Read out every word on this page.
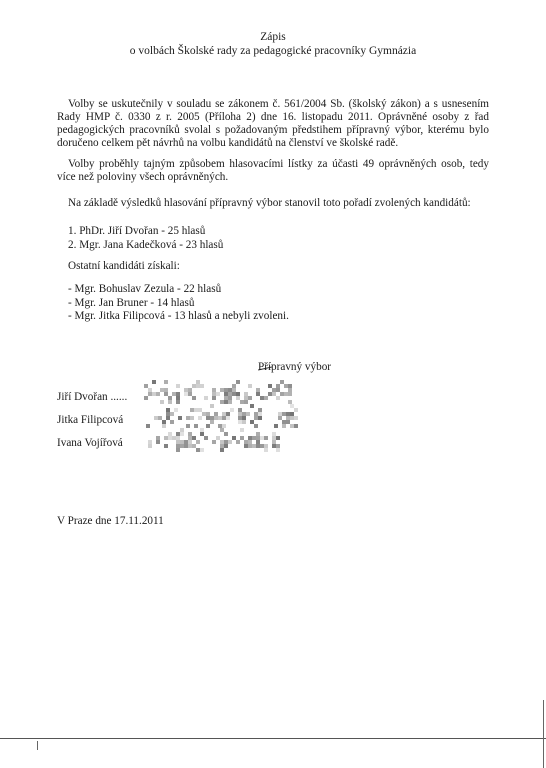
Zápis
o volbách Školské rady za pedagogické pracovníky Gymnázia
Volby se uskutečnily v souladu se zákonem č. 561/2004 Sb. (školský zákon) a s usnesením Rady HMP č. 0330 z r. 2005 (Příloha 2) dne 16. listopadu 2011. Oprávněné osoby z řad pedagogických pracovníků svolal s požadovaným předstihem přípravný výbor, kterému bylo doručeno celkem pět návrhů na volbu kandidátů na členství ve školské radě.
Volby proběhly tajným způsobem hlasovacími lístky za účasti 49 oprávněných osob, tedy více než poloviny všech oprávněných.
Na základě výsledků hlasování přípravný výbor stanovil toto pořadí zvolených kandidátů:
1. PhDr. Jiří Dvořan - 25 hlasů
2. Mgr. Jana Kadečková - 23 hlasů
Ostatní kandidáti získali:
- Mgr. Bohuslav Zezula - 22 hlasů
- Mgr. Jan Bruner - 14 hlasů
- Mgr. Jitka Filipcová - 13 hlasů a nebyli zvoleni.
Přípravný výbor
Jiří Dvořan ......
Jitka Filipcová
Ivana Vojířová
V Praze dne 17.11.2011
